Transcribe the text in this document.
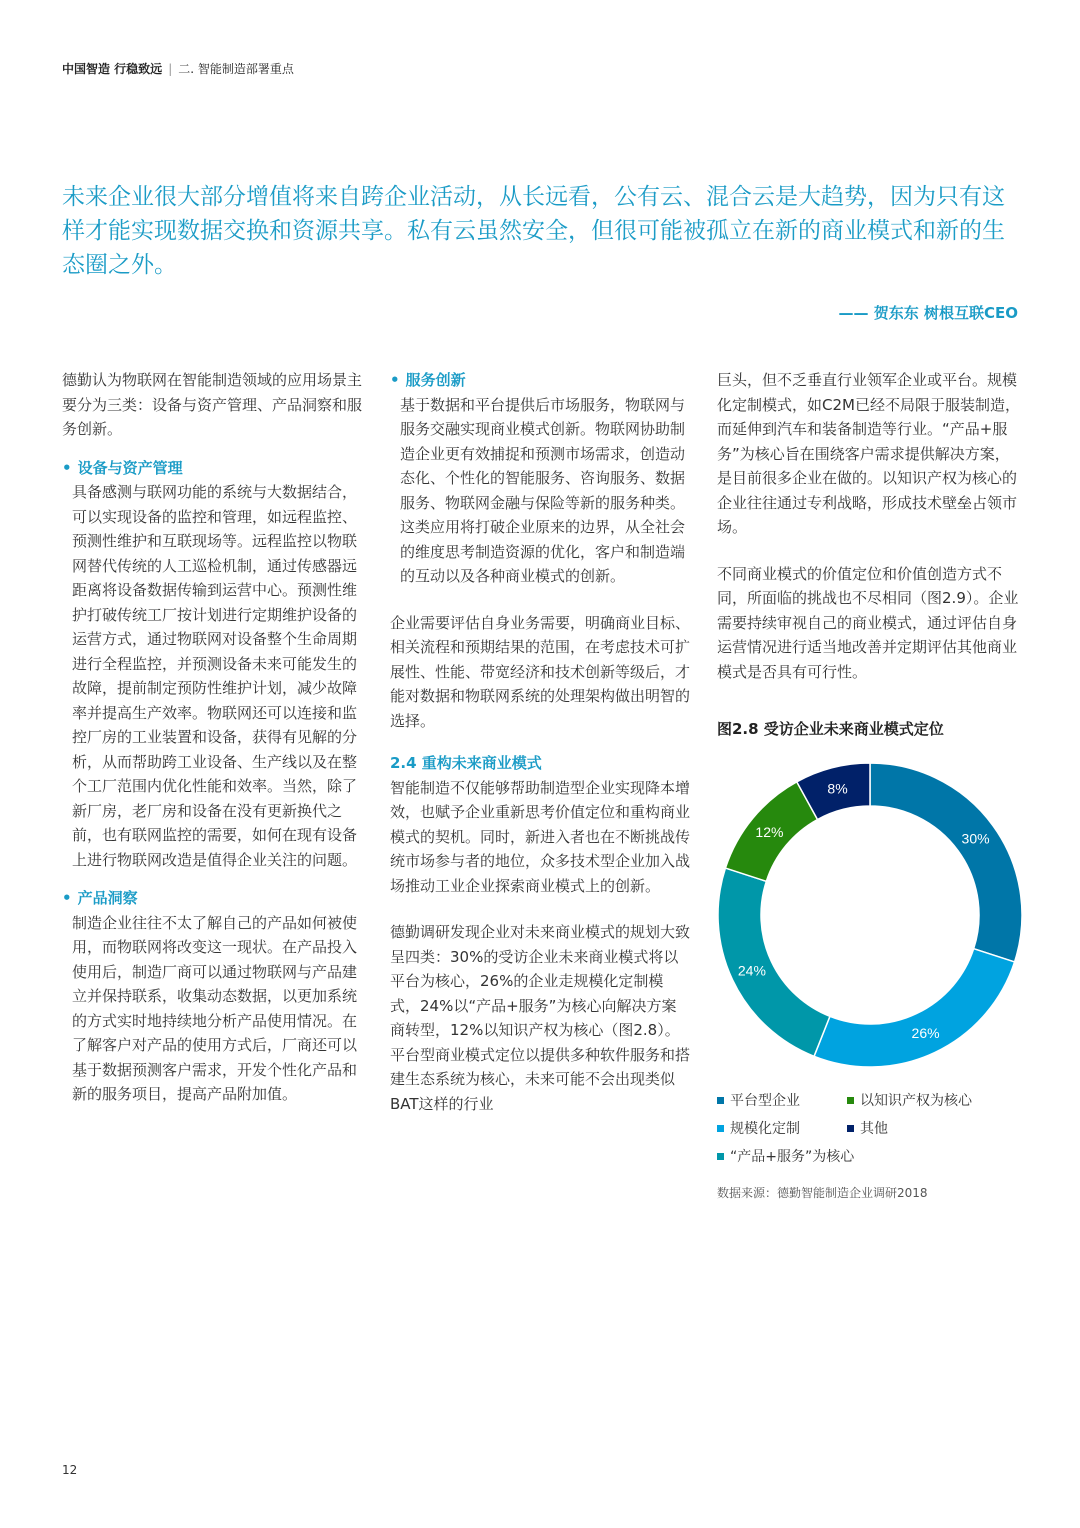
中国智造 行稳致远 | 二. 智能制造部署重点

未来企业很大部分增值将来自跨企业活动，从长远看，公有云、混合云是大趋势，因为只有这样才能实现数据交换和资源共享。私有云虽然安全，但很可能被孤立在新的商业模式和新的生态圈之外。

—— 贺东东 树根互联CEO

德勤认为物联网在智能制造领域的应用场景主要分为三类：设备与资产管理、产品洞察和服务创新。

• 设备与资产管理

具备感测与联网功能的系统与大数据结合，可以实现设备的监控和管理，如远程监控、预测性维护和互联现场等。远程监控以物联网替代传统的人工巡检机制，通过传感器远距离将设备数据传输到运营中心。预测性维护打破传统工厂按计划进行定期维护设备的运营方式，通过物联网对设备整个生命周期进行全程监控，并预测设备未来可能发生的故障，提前制定预防性维护计划，减少故障率并提高生产效率。物联网还可以连接和监控厂房的工业装置和设备，获得有见解的分析，从而帮助跨工业设备、生产线以及在整个工厂范围内优化性能和效率。当然，除了新厂房，老厂房和设备在没有更新换代之前，也有联网监控的需要，如何在现有设备上进行物联网改造是值得企业关注的问题。

• 产品洞察

制造企业往往不太了解自己的产品如何被使用，而物联网将改变这一现状。在产品投入使用后，制造厂商可以通过物联网与产品建立并保持联系，收集动态数据，以更加系统的方式实时地持续地分析产品使用情况。在了解客户对产品的使用方式后，厂商还可以基于数据预测客户需求，开发个性化产品和新的服务项目，提高产品附加值。

• 服务创新

基于数据和平台提供后市场服务，物联网与服务交融实现商业模式创新。物联网协助制造企业更有效捕捉和预测市场需求，创造动态化、个性化的智能服务、咨询服务、数据服务、物联网金融与保险等新的服务种类。这类应用将打破企业原来的边界，从全社会的维度思考制造资源的优化，客户和制造端的互动以及各种商业模式的创新。

企业需要评估自身业务需要，明确商业目标、相关流程和预期结果的范围，在考虑技术可扩展性、性能、带宽经济和技术创新等级后，才能对数据和物联网系统的处理架构做出明智的选择。

2.4 重构未来商业模式

智能制造不仅能够帮助制造型企业实现降本增效，也赋予企业重新思考价值定位和重构商业模式的契机。同时，新进入者也在不断挑战传统市场参与者的地位，众多技术型企业加入战场推动工业企业探索商业模式上的创新。

德勤调研发现企业对未来商业模式的规划大致呈四类：30%的受访企业未来商业模式将以平台为核心，26%的企业走规模化定制模式，24%以“产品+服务”为核心向解决方案商转型，12%以知识产权为核心（图2.8）。平台型商业模式定位以提供多种软件服务和搭建生态系统为核心，未来可能不会出现类似BAT这样的行业

巨头，但不乏垂直行业领军企业或平台。规模化定制模式，如C2M已经不局限于服装制造，而延伸到汽车和装备制造等行业。“产品+服务”为核心旨在围绕客户需求提供解决方案，是目前很多企业在做的。以知识产权为核心的企业往往通过专利战略，形成技术壁垒占领市场。

不同商业模式的价值定位和价值创造方式不同，所面临的挑战也不尽相同（图2.9）。企业需要持续审视自己的商业模式，通过评估自身运营情况进行适当地改善并定期评估其他商业模式是否具有可行性。

图2.8 受访企业未来商业模式定位
30%
26%
24%
12%
8%
平台型企业	以知识产权为核心
规模化定制	其他
“产品+服务”为核心
数据来源：德勤智能制造企业调研2018
12
